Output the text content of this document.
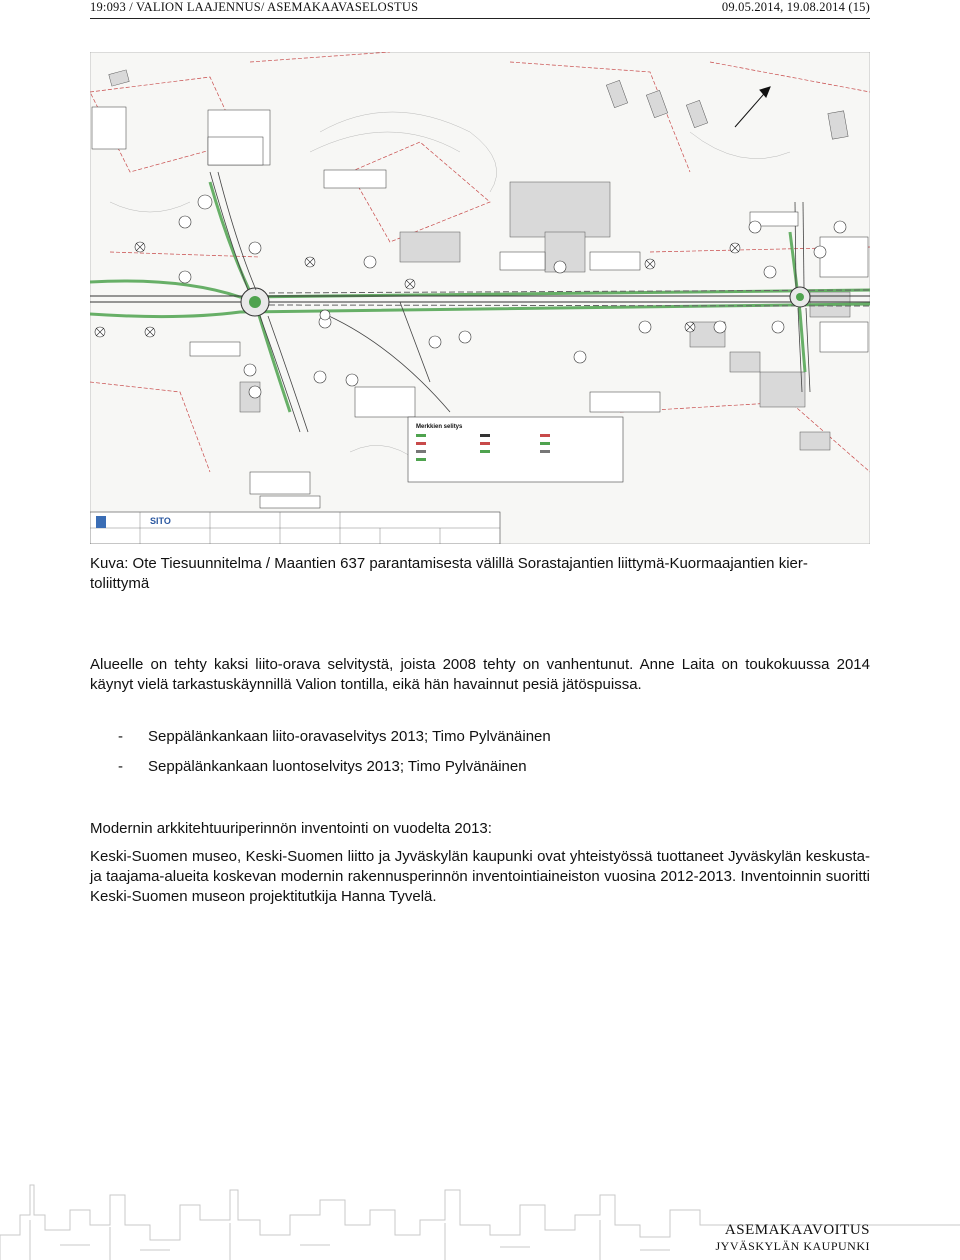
19:093 / VALION LAAJENNUS/ ASEMAKAAVASELOSTUS	09.05.2014, 19.08.2014 (15)
Merkkien selitys
SITO
Kuva: Ote Tiesuunnitelma / Maantien 637 parantamisesta välillä Sorastajantien liittymä-Kuormaajantien kier-
toliittymä
Alueelle on tehty kaksi liito-orava selvitystä, joista 2008 tehty on vanhentunut. Anne Laita on toukokuussa 2014 käynyt vielä tarkastuskäynnillä Valion tontilla, eikä hän havainnut pesiä jätöspuissa.
- Seppälänkankaan liito-oravaselvitys 2013; Timo Pylvänäinen
- Seppälänkankaan luontoselvitys 2013; Timo Pylvänäinen
Modernin arkkitehtuuriperinnön inventointi on vuodelta 2013:
Keski-Suomen museo, Keski-Suomen liitto ja Jyväskylän kaupunki ovat yhteistyössä tuottaneet Jyväskylän keskusta- ja taajama-alueita koskevan modernin rakennusperinnön inventointiaineiston vuosina 2012-2013. Inventoinnin suoritti Keski-Suomen museon projektitutkija Hanna Tyvelä.
ASEMAKAAVOITUS
JYVÄSKYLÄN KAUPUNKI
